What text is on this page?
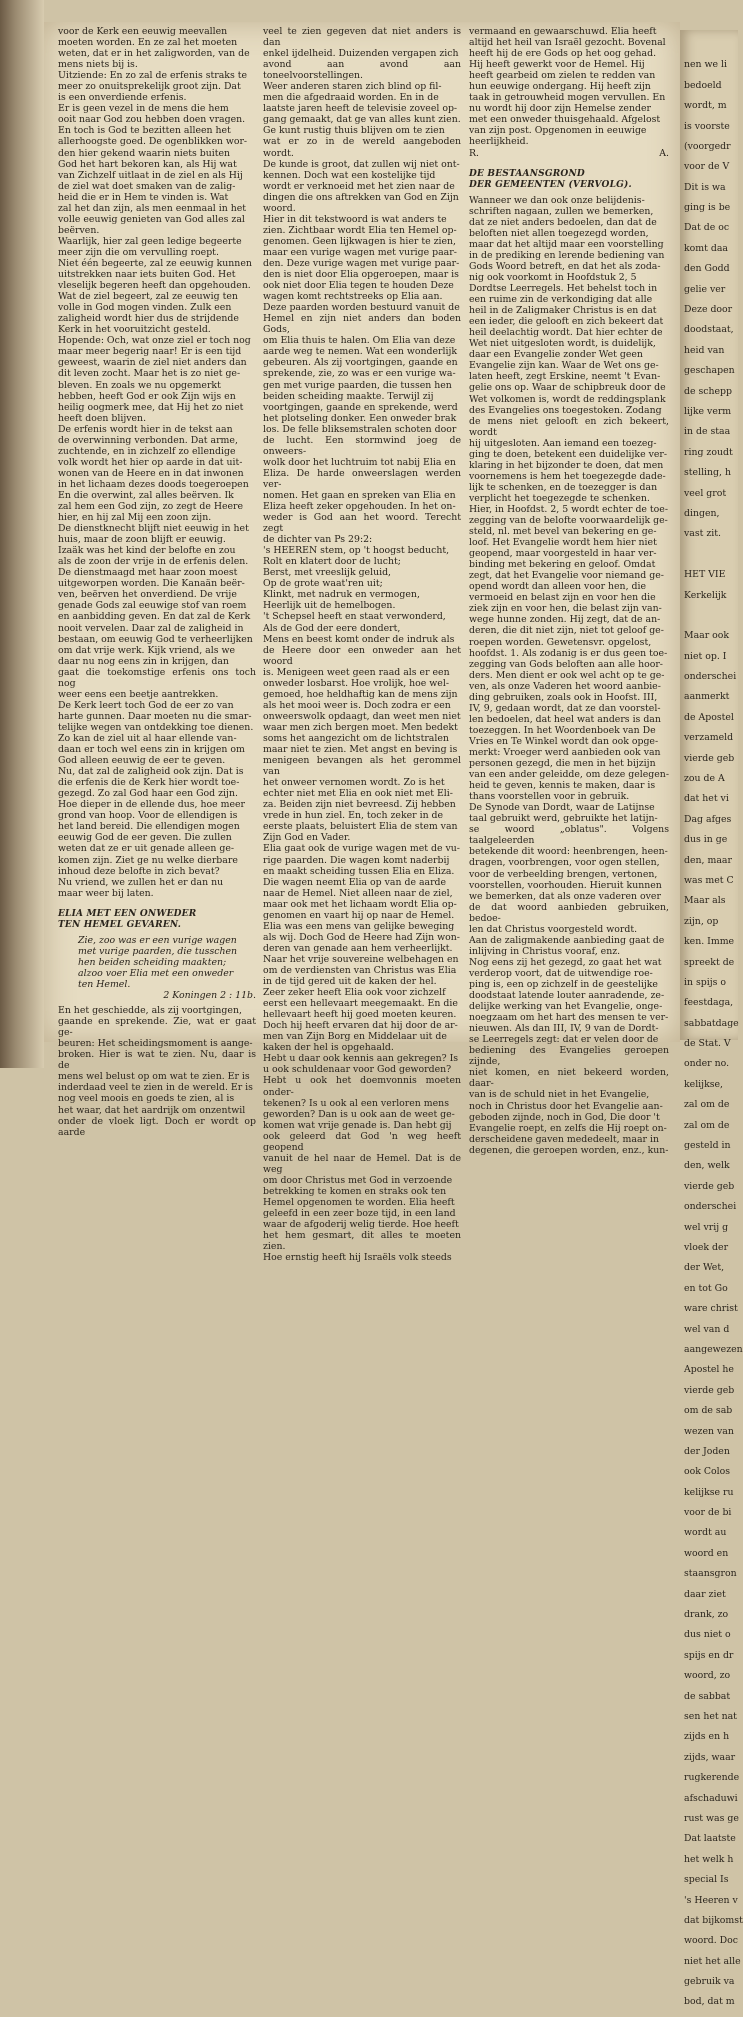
voor de Kerk een eeuwig meevallen

moeten worden. En ze zal het moeten

weten, dat er in het zaligworden, van de

mens niets bij is.

Uitziende: En zo zal de erfenis straks te

meer zo onuitsprekelijk groot zijn. Dat

is een onverdiende erfenis.

Er is geen vezel in de mens die hem

ooit naar God zou hebben doen vragen.

En toch is God te bezitten alleen het

allerhoogste goed. De ogenblikken wor-

den hier gekend waarin niets buiten

God het hart bekoren kan, als Hij wat

van Zichzelf uitlaat in de ziel en als Hij

de ziel wat doet smaken van de zalig-

heid die er in Hem te vinden is. Wat

zal het dan zijn, als men eenmaal in het

volle eeuwig genieten van God alles zal

beërven.

Waarlijk, hier zal geen ledige begeerte

meer zijn die om vervulling roept.

Niet één begeerte, zal ze eeuwig kunnen

uitstrekken naar iets buiten God. Het

vleselijk begeren heeft dan opgehouden.

Wat de ziel begeert, zal ze eeuwig ten

volle in God mogen vinden. Zulk een

zaligheid wordt hier dus de strijdende

Kerk in het vooruitzicht gesteld.

Hopende: Och, wat onze ziel er toch nog

maar meer begerig naar! Er is een tijd

geweest, waarin de ziel niet anders dan

dit leven zocht. Maar het is zo niet ge-

bleven. En zoals we nu opgemerkt

hebben, heeft God er ook Zijn wijs en

heilig oogmerk mee, dat Hij het zo niet

heeft doen blijven.

De erfenis wordt hier in de tekst aan

de overwinning verbonden. Dat arme,

zuchtende, en in zichzelf zo ellendige

volk wordt het hier op aarde in dat uit-

wonen van de Heere en in dat inwonen

in het lichaam dezes doods toegeroepen

En die overwint, zal alles beërven. Ik

zal hem een God zijn, zo zegt de Heere

hier, en hij zal Mij een zoon zijn.

De dienstknecht blijft niet eeuwig in het

huis, maar de zoon blijft er eeuwig.

Izaäk was het kind der belofte en zou

als de zoon der vrije in de erfenis delen.

De dienstmaagd met haar zoon moest

uitgeworpen worden. Die Kanaän beër-

ven, beërven het onverdiend. De vrije

genade Gods zal eeuwige stof van roem

en aanbidding geven. En dat zal de Kerk

nooit vervelen. Daar zal de zaligheid in

bestaan, om eeuwig God te verheerlijken

om dat vrije werk. Kijk vriend, als we

daar nu nog eens zin in krijgen, dan

gaat die toekomstige erfenis ons toch nog

weer eens een beetje aantrekken.

De Kerk leert toch God de eer zo van

harte gunnen. Daar moeten nu die smar-

telijke wegen van ontdekking toe dienen.

Zo kan de ziel uit al haar ellende van-

daan er toch wel eens zin in krijgen om

God alleen eeuwig de eer te geven.

Nu, dat zal de zaligheid ook zijn. Dat is

die erfenis die de Kerk hier wordt toe-

gezegd. Zo zal God haar een God zijn.

Hoe dieper in de ellende dus, hoe meer

grond van hoop. Voor de ellendigen is

het land bereid. Die ellendigen mogen

eeuwig God de eer geven. Die zullen

weten dat ze er uit genade alleen ge-

komen zijn. Ziet ge nu welke dierbare

inhoud deze belofte in zich bevat?

Nu vriend, we zullen het er dan nu

maar weer bij laten.

ELIA MET EEN ONWEDER
TEN HEMEL GEVAREN.

Zie, zoo was er een vurige wagen

met vurige paarden, die tusschen

hen beiden scheiding maakten;

alzoo voer Elia met een onweder

ten Hemel.

2 Koningen 2 : 11b.

En het geschiedde, als zij voortgingen,

gaande en sprekende. Zie, wat er gaat ge-

beuren: Het scheidingsmoment is aange-

broken. Hier is wat te zien. Nu, daar is de

mens wel belust op om wat te zien. Er is

inderdaad veel te zien in de wereld. Er is

nog veel moois en goeds te zien, al is

het waar, dat het aardrijk om onzentwil

onder de vloek ligt. Doch er wordt op aarde

veel te zien gegeven dat niet anders is dan

enkel ijdelheid. Duizenden vergapen zich

avond aan avond aan toneelvoorstellingen.

Weer anderen staren zich blind op fil-

men die afgedraaid worden. En in de

laatste jaren heeft de televisie zoveel op-

gang gemaakt, dat ge van alles kunt zien.

Ge kunt rustig thuis blijven om te zien

wat er zo in de wereld aangeboden wordt.

De kunde is groot, dat zullen wij niet ont-

kennen. Doch wat een kostelijke tijd

wordt er verknoeid met het zien naar de

dingen die ons aftrekken van God en Zijn

woord.

Hier in dit tekstwoord is wat anders te

zien. Zichtbaar wordt Elia ten Hemel op-

genomen. Geen lijkwagen is hier te zien,

maar een vurige wagen met vurige paar-

den. Deze vurige wagen met vurige paar-

den is niet door Elia opgeroepen, maar is

ook niet door Elia tegen te houden Deze

wagen komt rechtstreeks op Elia aan.

Deze paarden worden bestuurd vanuit de

Hemel en zijn niet anders dan boden Gods,

om Elia thuis te halen. Om Elia van deze

aarde weg te nemen. Wat een wonderlijk

gebeuren. Als zij voortgingen, gaande en

sprekende, zie, zo was er een vurige wa-

gen met vurige paarden, die tussen hen

beiden scheiding maakte. Terwijl zij

voortgingen, gaande en sprekende, werd

het plotseling donker. Een onweder brak

los. De felle bliksemstralen schoten door

de lucht. Een stormwind joeg de onweers-

wolk door het luchtruim tot nabij Elia en

Eliza. De harde onweerslagen werden ver-

nomen. Het gaan en spreken van Elia en

Eliza heeft zeker opgehouden. In het on-

weder is God aan het woord. Terecht zegt

de dichter van Ps 29:2:

's HEEREN stem, op 't hoogst beducht,

Rolt en klatert door de lucht;

Berst, met vreeslijk geluid,

Op de grote waat'ren uit;

Klinkt, met nadruk en vermogen,

Heerlijk uit de hemelbogen.

't Schepsel heeft en staat verwonderd,

Als de God der eere dondert,

Mens en beest komt onder de indruk als

de Heere door een onweder aan het woord

is. Menigeen weet geen raad als er een

onweder losbarst. Hoe vrolijk, hoe wel-

gemoed, hoe heldhaftig kan de mens zijn

als het mooi weer is. Doch zodra er een

onweerswolk opdaagt, dan weet men niet

waar men zich bergen moet. Men bedekt

soms het aangezicht om de lichtstralen

maar niet te zien. Met angst en beving is

menigeen bevangen als het gerommel van

het onweer vernomen wordt. Zo is het

echter niet met Elia en ook niet met Eli-

za. Beiden zijn niet bevreesd. Zij hebben

vrede in hun ziel. En, toch zeker in de

eerste plaats, beluistert Elia de stem van

Zijn God en Vader.

Elia gaat ook de vurige wagen met de vu-

rige paarden. Die wagen komt naderbij

en maakt scheiding tussen Elia en Eliza.

Die wagen neemt Elia op van de aarde

naar de Hemel. Niet alleen naar de ziel,

maar ook met het lichaam wordt Elia op-

genomen en vaart hij op naar de Hemel.

Elia was een mens van gelijke beweging

als wij. Doch God de Heere had Zijn won-

deren van genade aan hem verheerlijkt.

Naar het vrije souvereine welbehagen en

om de verdiensten van Christus was Elia

in de tijd gered uit de kaken der hel.

Zeer zeker heeft Elia ook voor zichzelf

eerst een hellevaart meegemaakt. En die

hellevaart heeft hij goed moeten keuren.

Doch hij heeft ervaren dat hij door de ar-

men van Zijn Borg en Middelaar uit de

kaken der hel is opgehaald.

Hebt u daar ook kennis aan gekregen? Is

u ook schuldenaar voor God geworden?

Hebt u ook het doemvonnis moeten onder-

tekenen? Is u ook al een verloren mens

geworden? Dan is u ook aan de weet ge-

komen wat vrije genade is. Dan hebt gij

ook geleerd dat God 'n weg heeft geopend

vanuit de hel naar de Hemel. Dat is de weg

om door Christus met God in verzoende

betrekking te komen en straks ook ten

Hemel opgenomen te worden. Elia heeft

geleefd in een zeer boze tijd, in een land

waar de afgoderij welig tierde. Hoe heeft

het hem gesmart, dit alles te moeten zien.

Hoe ernstig heeft hij Israëls volk steeds

vermaand en gewaarschuwd. Elia heeft

altijd het heil van Israël gezocht. Bovenal

heeft hij de ere Gods op het oog gehad.

Hij heeft gewerkt voor de Hemel. Hij

heeft gearbeid om zielen te redden van

hun eeuwige ondergang. Hij heeft zijn

taak in getrouwheid mogen vervullen. En

nu wordt hij door zijn Hemelse zender

met een onweder thuisgehaald. Afgelost

van zijn post. Opgenomen in eeuwige

heerlijkheid.

R.	A.

DE BESTAANSGROND
DER GEMEENTEN (VERVOLG).

Wanneer we dan ook onze belijdenis-

schriften nagaan, zullen we bemerken,

dat ze niet anders bedoelen, dan dat de

beloften niet allen toegezegd worden,

maar dat het altijd maar een voorstelling

in de prediking en lerende bediening van

Gods Woord betreft, en dat het als zoda-

nig ook voorkomt in Hoofdstuk 2, 5

Dordtse Leerregels. Het behelst toch in

een ruime zin de verkondiging dat alle

heil in de Zaligmaker Christus is en dat

een ieder, die gelooft en zich bekeert dat

heil deelachtig wordt. Dat hier echter de

Wet niet uitgesloten wordt, is duidelijk,

daar een Evangelie zonder Wet geen

Evangelie zijn kan. Waar de Wet ons ge-

laten heeft, zegt Erskine, neemt 't Evan-

gelie ons op. Waar de schipbreuk door de

Wet volkomen is, wordt de reddingsplank

des Evangelies ons toegestoken. Zodang

de mens niet gelooft en zich bekeert, wordt

hij uitgesloten. Aan iemand een toezeg-

ging te doen, betekent een duidelijke ver-

klaring in het bijzonder te doen, dat men

voornemens is hem het toegezegde dade-

lijk te schenken, en de toezegger is dan

verplicht het toegezegde te schenken.

Hier, in Hoofdst. 2, 5 wordt echter de toe-

zegging van de belofte voorwaardelijk ge-

steld, nl. met bevel van bekering en ge-

loof. Het Evangelie wordt hem hier niet

geopend, maar voorgesteld in haar ver-

binding met bekering en geloof. Omdat

zegt, dat het Evangelie voor niemand ge-

opend wordt dan alleen voor hen, die

vermoeid en belast zijn en voor hen die

ziek zijn en voor hen, die belast zijn van-

wege hunne zonden. Hij zegt, dat de an-

deren, die dit niet zijn, niet tot geloof ge-

roepen worden. Gewetensvr. opgelost,

hoofdst. 1. Als zodanig is er dus geen toe-

zegging van Gods beloften aan alle hoor-

ders. Men dient er ook wel acht op te ge-

ven, als onze Vaderen het woord aanbie-

ding gebruiken, zoals ook in Hoofst. III,

IV, 9, gedaan wordt, dat ze dan voorstel-

len bedoelen, dat heel wat anders is dan

toezeggen. In het Woordenboek van De

Vries en Te Winkel wordt dan ook opge-

merkt: Vroeger werd aanbieden ook van

personen gezegd, die men in het bijzijn

van een ander geleidde, om deze gelegen-

heid te geven, kennis te maken, daar is

thans voorstellen voor in gebruik.

De Synode van Dordt, waar de Latijnse

taal gebruikt werd, gebruikte het latijn-

se woord „oblatus". Volgens taalgeleerden

betekende dit woord: heenbrengen, heen-

dragen, voorbrengen, voor ogen stellen,

voor de verbeelding brengen, vertonen,

voorstellen, voorhouden. Hieruit kunnen

we bemerken, dat als onze vaderen over

de dat woord aanbieden gebruiken, bedoe-

len dat Christus voorgesteld wordt.

Aan de zaligmakende aanbieding gaat de

inlijving in Christus vooraf, enz.

Nog eens zij het gezegd, zo gaat het wat

verderop voort, dat de uitwendige roe-

ping is, een op zichzelf in de geestelijke

doodstaat latende louter aanradende, ze-

delijke werking van het Evangelie, onge-

noegzaam om het hart des mensen te ver-

nieuwen. Als dan III, IV, 9 van de Dordt-

se Leerregels zegt: dat er velen door de

bediening des Evangelies geroepen zijnde,

niet komen, en niet bekeerd worden, daar-

van is de schuld niet in het Evangelie,

noch in Christus door het Evangelie aan-

geboden zijnde, noch in God, Die door 't

Evangelie roept, en zelfs die Hij roept on-

derscheidene gaven mededeelt, maar in

degenen, die geroepen worden, enz., kun-

nen we li

bedoeld

wordt, m

is voorste

(voorgedr

voor de V

Dit is wa

ging is be

Dat de oc

komt daa

den Godd

gelie ver

Deze door

doodstaat,

heid van

geschapen

de schepp

lijke verm

in de staa

ring zoudt

stelling, h

veel grot

dingen,

vast zit.

HET VIE

Kerkelijk

Maar ook

niet op. I

onderschei

aanmerkt

de Apostel

verzameld

vierde geb

zou de A

dat het vi

Dag afges

dus in ge

den, maar

was met C

Maar als

zijn, op

ken. Imme

spreekt de

in spijs o

feestdaga,

sabbatdage

de Stat. V

onder no.

kelijkse,

zal om de

zal om de

gesteld in

den, welk

vierde geb

onderschei

wel vrij g

vloek der

der Wet,

en tot Go

ware christ

wel van d

aangewezen

Apostel he

vierde geb

om de sab

wezen van

der Joden

ook Colos

kelijkse ru

voor de bi

wordt au

woord en

staansgron

daar ziet

drank, zo

dus niet o

spijs en dr

woord, zo

de sabbat

sen het nat

zijds en h

zijds, waar

rugkerende

afschaduwi

rust was ge

Dat laatste

het welk h

special Is

's Heeren v

dat bijkomst

woord. Doc

niet het alle

gebruik va

bod, dat m
